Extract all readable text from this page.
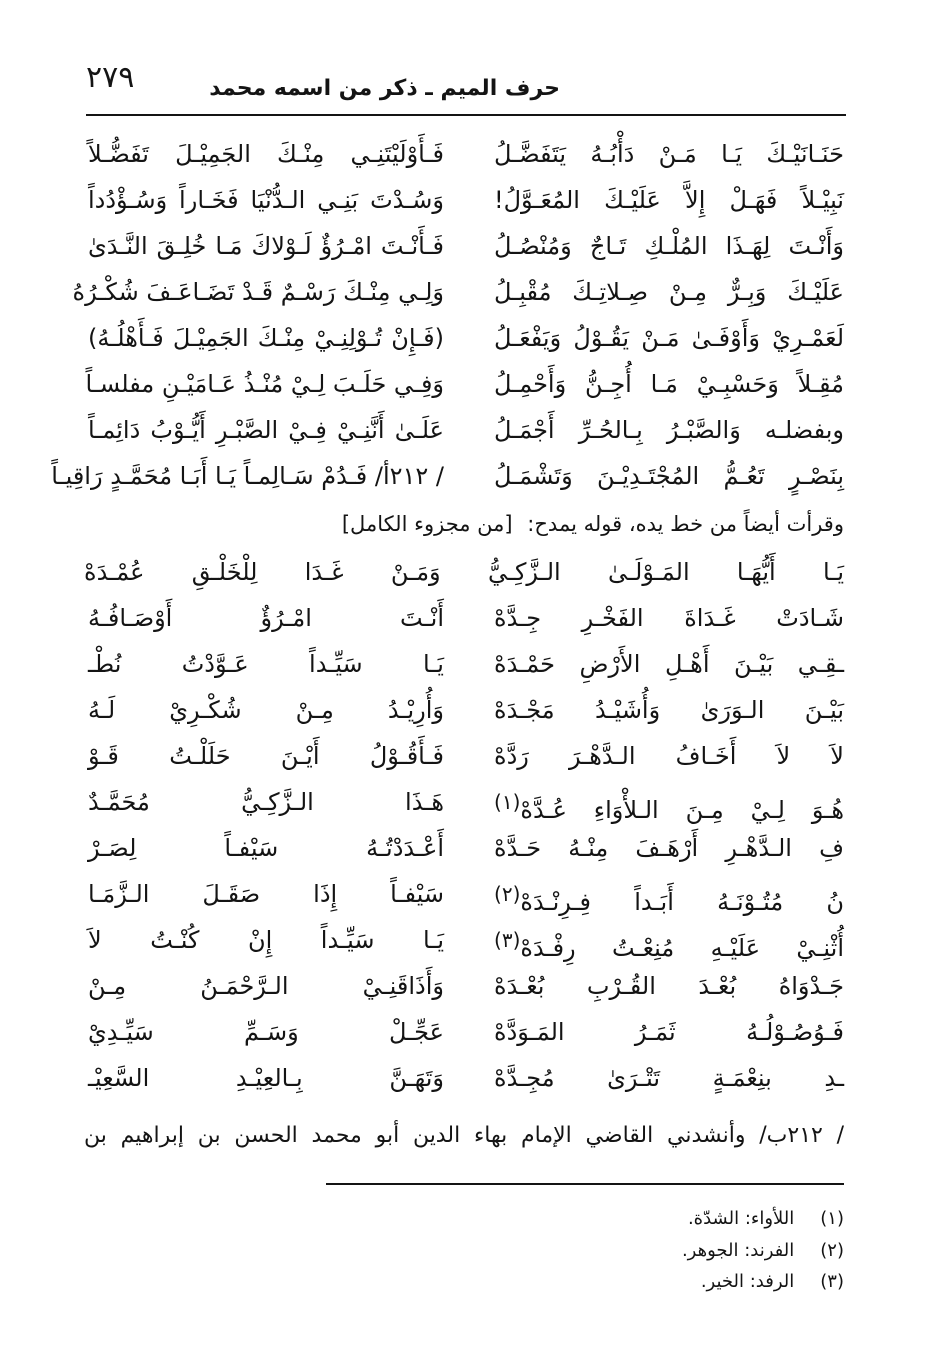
٢٧٩	حرف الميم ـ ذكر من اسمه محمد
فَـأَوْلَيْتَنِـي مِنْـكَ الجَمِيْـلَ تَفَضُّـلاً حَنَـانَيْـكَ يَـا مَـنْ دَأْبُـهُ يَتَفَضَّـلُ
وَسُـدْتَ بَنِـي الـدُّنْيَا فَخَـاراً وَسُـؤْدُداً نَبِيْـلاً فَهَـلْ إِلاَّ عَلَيْـكَ المُعَـوَّلُ!
فَـأَنْـتَ امْـرُؤٌ لَـوْلاكَ مَـا خُلِـقَ النَّـدَىٰ وَأَنْـتَ لِهَـذَا المُلْـكِ تَـاجٌ وَمُنْصُـلُ
وَلِـي مِنْـكَ رَسْـمٌ قَـدْ تَضَـاعَـفَ شُكْـرُهُ عَلَيْـكَ وَبِـرٌّ مِـنْ صِـلاتِـكَ مُقْبِـلُ
(فَـإِنْ تُـوْلِنِـيْ مِنْـكَ الجَمِيْـلَ فَـأَهْلُـهُ) لَعَمْـرِيْ وَأَوْفَـىٰ مَـنْ يَقُـوْلُ وَيَفْعَـلُ
وَفِـي حَلَـبَ لِـيْ مُنْـذُ عَـامَيْـنِ مفلسـاً مُقِـلاً وَحَسْبِـيْ مَـا أُجِـنُّ وَأَحْمِـلُ
عَلَـىٰ أَنَّنِـيْ فِـيْ الصَّبْـرِ أَيُّـوْبُ دَائِمـاً وبفضلـه وَالصَّبْـرُ بِـالحُـرِّ أَجْمَـلُ
/ ٢١٢أ/ فَـدُمْ سَـالِمـاً يَـا أَبَـا مُحَمَّـدٍ رَاقِيـاً بِنَصْـرٍ تَعُـمُّ المُجْتَـدِيْـنَ وَتَشْمَـلُ
وقرأت أيضاً من خط يده، قوله يمدح: [من مجزوء الكامل]
يَـا أَيُّهَـا المَـوْلَـىٰ الـزَّكِـيُّ وَمَـنْ غَـدَا لِلْخَلْـقِ عُمْـدَهْ
أَنْـتَ امْـرُؤٌ أَوْصَـافُـهُ شَـادَتْ غَـدَاةَ الفَخْـرِ جِـدَّهْ
يَـا سَيِّـداً عَـوَّدْتُ نُطْـ ـقِـي بَيْـنَ أَهْـلِ الأَرْضِ حَمْـدَهْ
وَأُرِيْـدُ مِـنْ شُكْـرِيْ لَـهُ بَيْـنَ الـوَرَىٰ وَأُشَيْـدُ مَجْـدَهْ
فَـأَقُـوْلُ أَيْـنَ حَلَلْـتُ قَـوْ لاَ لاَ أَخَـافُ الـدَّهْـرَ رَدَّهْ
هَـذَا الـزَّكِـيُّ مُحَمَّـدٌ	هُـوَ لِـيْ مِـنَ الـلأْوَاءِ عُـدَّهْ$^{(١)}$
أَعْـدَدْتُـهُ سَيْفـاً لِصَـرْ فِ الـدَّهْـرِ أَرْهَـفَ مِنْـهُ حَـدَّهْ
سَيْفـاً إِذَا صَقَـلَ الـزَّمَـا	نُ مُتُـوْنَـهُ أَبَـداً فِـرِنْـدَهْ$^{(٢)}$
يَـا سَيِّـداً إِنْ كُنْـتُ لاَ	أُثْنِـيْ عَلَيْـهِ مُنِعْـتُ رِفْـدَهْ$^{(٣)}$
وَأَذَاقَنِـيْ الـرَّحْمَـنُ مِـنْ جَـدْوَاهُ بُعْـدَ القُـرْبِ بُعْـدَهْ
عَجِّـلْ وَسَـمِّ سَيِّـدِيْ فَـوُصُـوْلُـهُ ثَمَـرُ المَـوَدَّهْ
وَتَهَـنَّ بِـالعِيْـدِ السَّعِيْـ ـدِ بنِعْمَـةٍ تَتْـرَىٰ مُجِـدَّهْ
/ ٢١٢ب/ وأنشدني القاضي الإمام بهاء الدين أبو محمد الحسن بن إبراهيم بن
(١) اللأواء: الشدّة.
(٢) الفرند: الجوهر.
(٣) الرفد: الخير.
